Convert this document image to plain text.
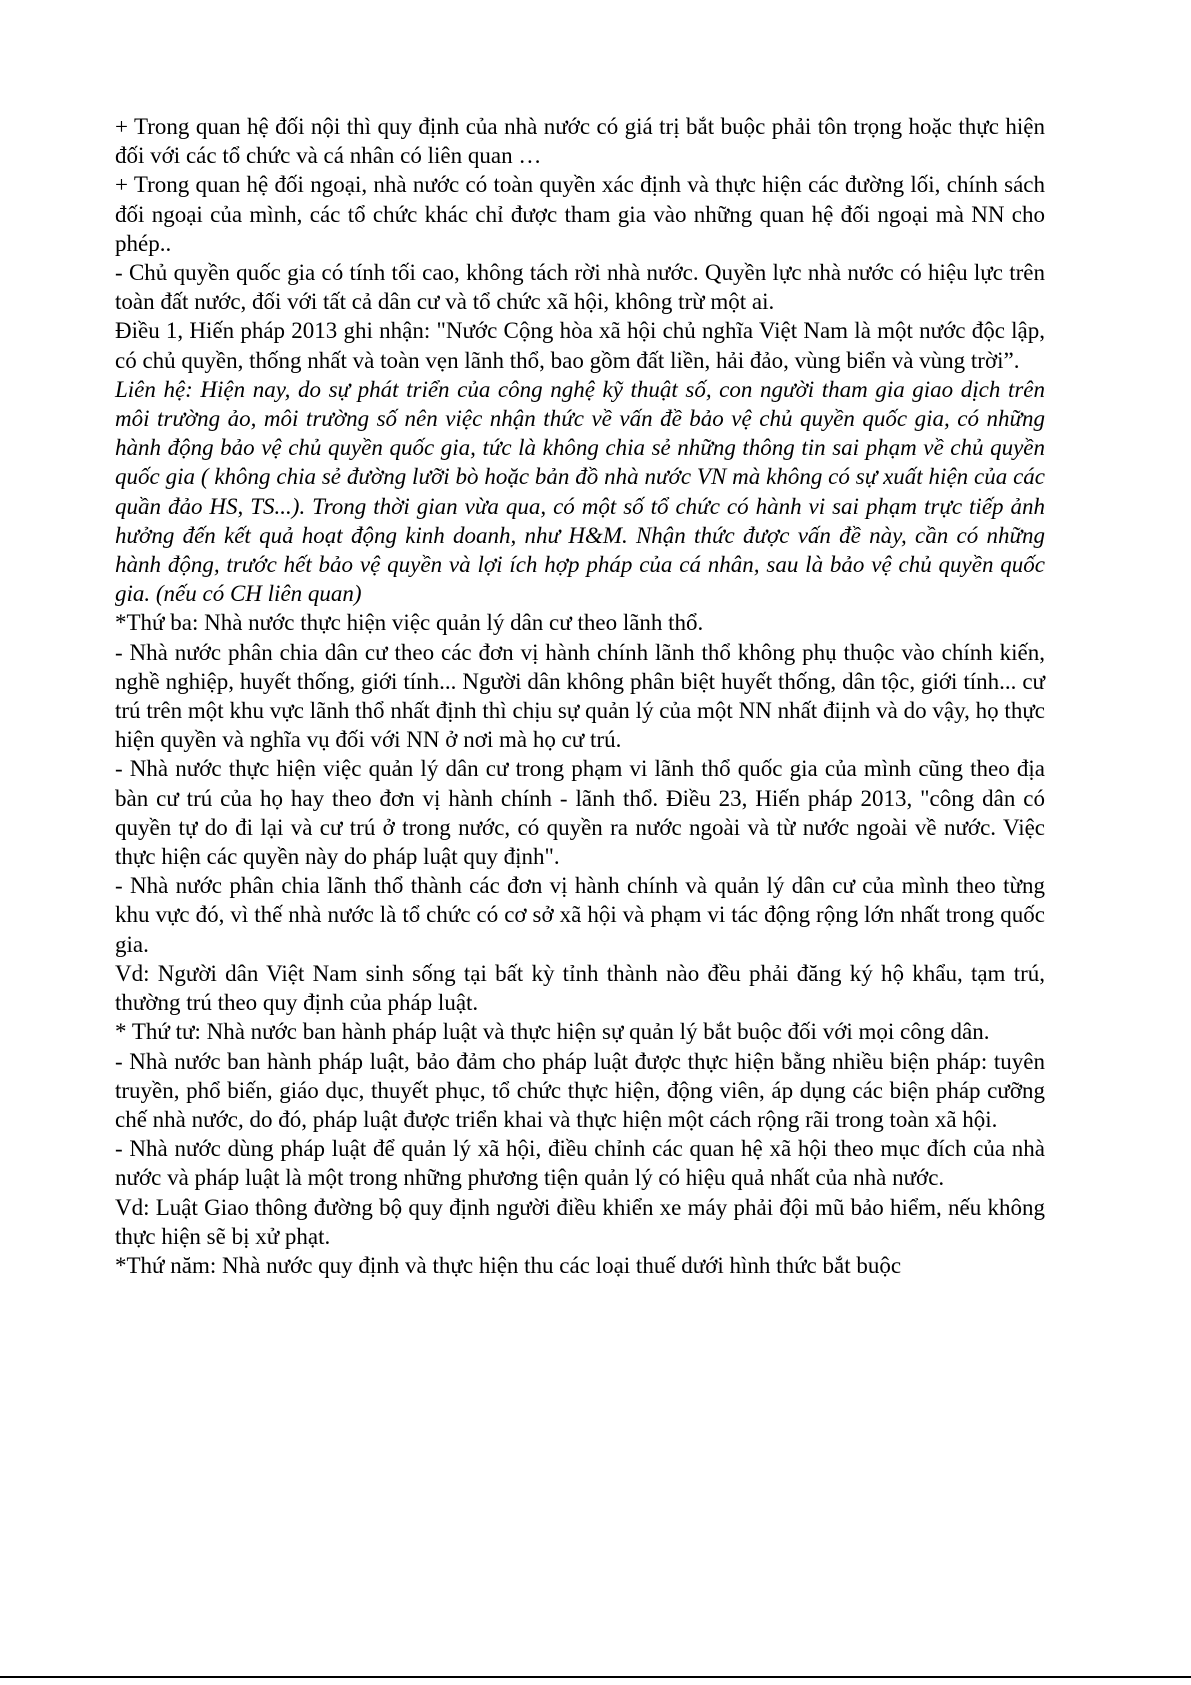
+ Trong quan hệ đối nội thì quy định của nhà nước có giá trị bắt buộc phải tôn trọng hoặc thực hiện đối với các tổ chức và cá nhân có liên quan …

+ Trong quan hệ đối ngoại, nhà nước có toàn quyền xác định và thực hiện các đường lối, chính sách đối ngoại của mình, các tổ chức khác chỉ được tham gia vào những quan hệ đối ngoại mà NN cho phép..

- Chủ quyền quốc gia có tính tối cao, không tách rời nhà nước. Quyền lực nhà nước có hiệu lực trên toàn đất nước, đối với tất cả dân cư và tổ chức xã hội, không trừ một ai.

Điều 1, Hiến pháp 2013 ghi nhận: "Nước Cộng hòa xã hội chủ nghĩa Việt Nam là một nước độc lập, có chủ quyền, thống nhất và toàn vẹn lãnh thổ, bao gồm đất liền, hải đảo, vùng biển và vùng trời”.

Liên hệ: Hiện nay, do sự phát triển của công nghệ kỹ thuật số, con người tham gia giao dịch trên môi trường ảo, môi trường số nên việc nhận thức về vấn đề bảo vệ chủ quyền quốc gia, có những hành động bảo vệ chủ quyền quốc gia, tức là không chia sẻ những thông tin sai phạm về chủ quyền quốc gia ( không chia sẻ đường lưỡi bò hoặc bản đồ nhà nước VN mà không có sự xuất hiện của các quần đảo HS, TS...). Trong thời gian vừa qua, có một số tổ chức có hành vi sai phạm trực tiếp ảnh hưởng đến kết quả hoạt động kinh doanh, như H&M. Nhận thức được vấn đề này, cần có những hành động, trước hết bảo vệ quyền và lợi ích hợp pháp của cá nhân, sau là bảo vệ chủ quyền quốc gia. (nếu có CH liên quan)

*Thứ ba: Nhà nước thực hiện việc quản lý dân cư theo lãnh thổ.

- Nhà nước phân chia dân cư theo các đơn vị hành chính lãnh thổ không phụ thuộc vào chính kiến, nghề nghiệp, huyết thống, giới tính... Người dân không phân biệt huyết thống, dân tộc, giới tính... cư trú trên một khu vực lãnh thổ nhất định thì chịu sự quản lý của một NN nhất điịnh và do vậy, họ thực hiện quyền và nghĩa vụ đối với NN ở nơi mà họ cư trú.

- Nhà nước thực hiện việc quản lý dân cư trong phạm vi lãnh thổ quốc gia của mình cũng theo địa bàn cư trú của họ hay theo đơn vị hành chính - lãnh thổ. Điều 23, Hiến pháp 2013, "công dân có quyền tự do đi lại và cư trú ở trong nước, có quyền ra nước ngoài và từ nước ngoài về nước. Việc thực hiện các quyền này do pháp luật quy định".

- Nhà nước phân chia lãnh thổ thành các đơn vị hành chính và quản lý dân cư của mình theo từng khu vực đó, vì thế nhà nước là tổ chức có cơ sở xã hội và phạm vi tác động rộng lớn nhất trong quốc gia.

Vd: Người dân Việt Nam sinh sống tại bất kỳ tỉnh thành nào đều phải đăng ký hộ khẩu, tạm trú, thường trú theo quy định của pháp luật.

* Thứ tư: Nhà nước ban hành pháp luật và thực hiện sự quản lý bắt buộc đối với mọi công dân.

- Nhà nước ban hành pháp luật, bảo đảm cho pháp luật được thực hiện bằng nhiều biện pháp: tuyên truyền, phổ biến, giáo dục, thuyết phục, tổ chức thực hiện, động viên, áp dụng các biện pháp cưỡng chế nhà nước, do đó, pháp luật được triển khai và thực hiện một cách rộng rãi trong toàn xã hội.

- Nhà nước dùng pháp luật để quản lý xã hội, điều chỉnh các quan hệ xã hội theo mục đích của nhà nước và pháp luật là một trong những phương tiện quản lý có hiệu quả nhất của nhà nước.

Vd: Luật Giao thông đường bộ quy định người điều khiển xe máy phải đội mũ bảo hiểm, nếu không thực hiện sẽ bị xử phạt.

*Thứ năm: Nhà nước quy định và thực hiện thu các loại thuế dưới hình thức bắt buộc
